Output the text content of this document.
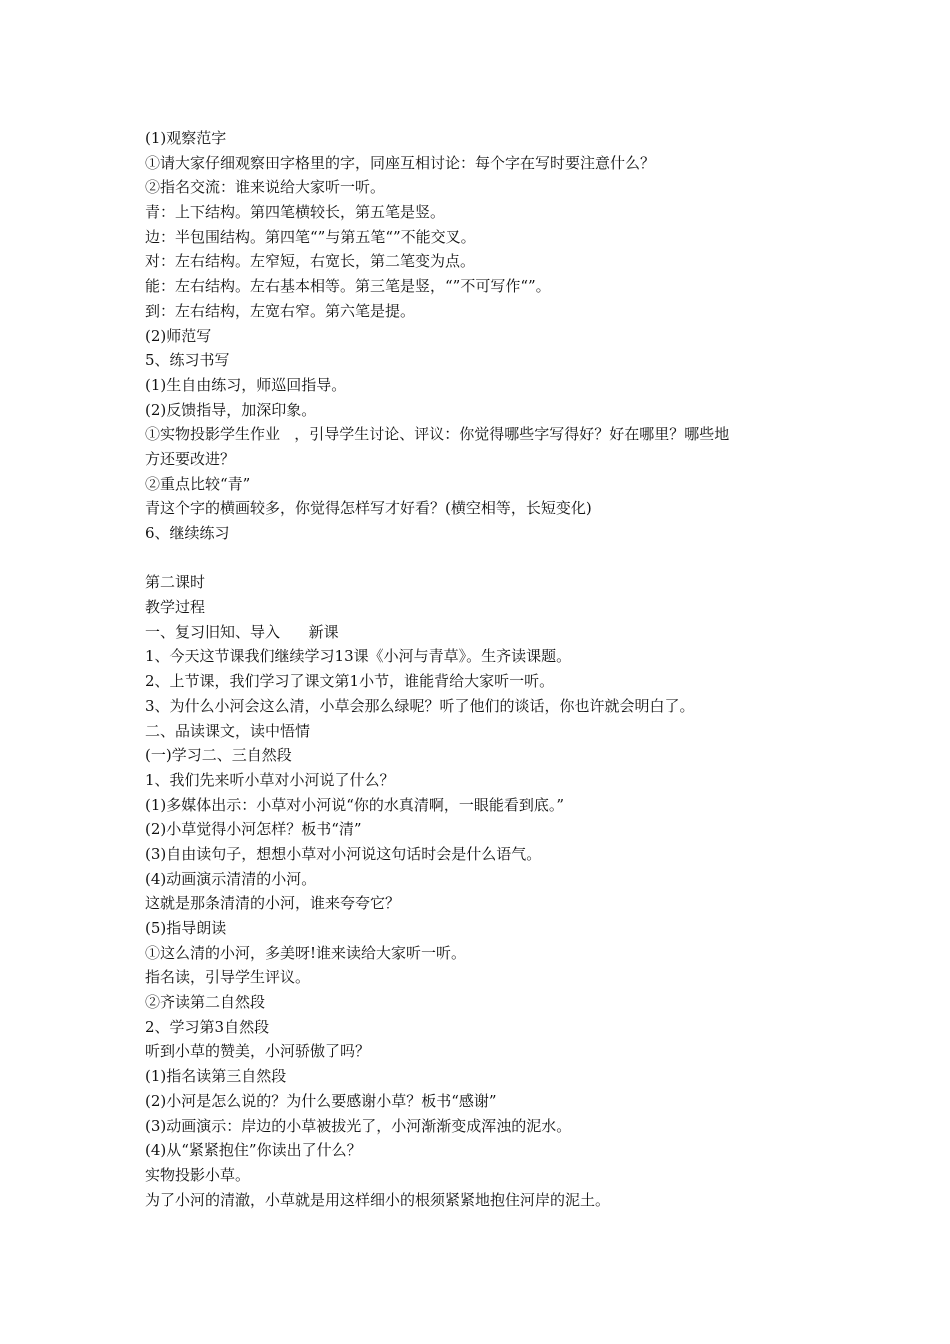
(1)观察范字

①请大家仔细观察田字格里的字，同座互相讨论：每个字在写时要注意什么？

②指名交流：谁来说给大家听一听。

青：上下结构。第四笔横较长，第五笔是竖。

边：半包围结构。第四笔“”与第五笔“”不能交叉。

对：左右结构。左窄短，右宽长，第二笔变为点。

能：左右结构。左右基本相等。第三笔是竖，“”不可写作“”。

到：左右结构，左宽右窄。第六笔是提。

(2)师范写

5、练习书写

(1)生自由练习，师巡回指导。

(2)反馈指导，加深印象。

①实物投影学生作业   ，引导学生讨论、评议：你觉得哪些字写得好？好在哪里？哪些地

方还要改进？

②重点比较“青”

青这个字的横画较多，你觉得怎样写才好看？(横空相等，长短变化)

6、继续练习

第二课时

教学过程

一、复习旧知、导入      新课

1、今天这节课我们继续学习13课《小河与青草》。生齐读课题。

2、上节课，我们学习了课文第1小节，谁能背给大家听一听。

3、为什么小河会这么清，小草会那么绿呢？听了他们的谈话，你也许就会明白了。

二、品读课文，读中悟情

(一)学习二、三自然段

1、我们先来听小草对小河说了什么？

(1)多媒体出示：小草对小河说“你的水真清啊，一眼能看到底。”

(2)小草觉得小河怎样？板书“清”

(3)自由读句子，想想小草对小河说这句话时会是什么语气。

(4)动画演示清清的小河。

这就是那条清清的小河，谁来夸夸它？

(5)指导朗读

①这么清的小河，多美呀!谁来读给大家听一听。

指名读，引导学生评议。

②齐读第二自然段

2、学习第3自然段

听到小草的赞美，小河骄傲了吗？

(1)指名读第三自然段

(2)小河是怎么说的？为什么要感谢小草？板书“感谢”

(3)动画演示：岸边的小草被拔光了，小河渐渐变成浑浊的泥水。

(4)从“紧紧抱住”你读出了什么？

实物投影小草。

为了小河的清澈，小草就是用这样细小的根须紧紧地抱住河岸的泥土。
